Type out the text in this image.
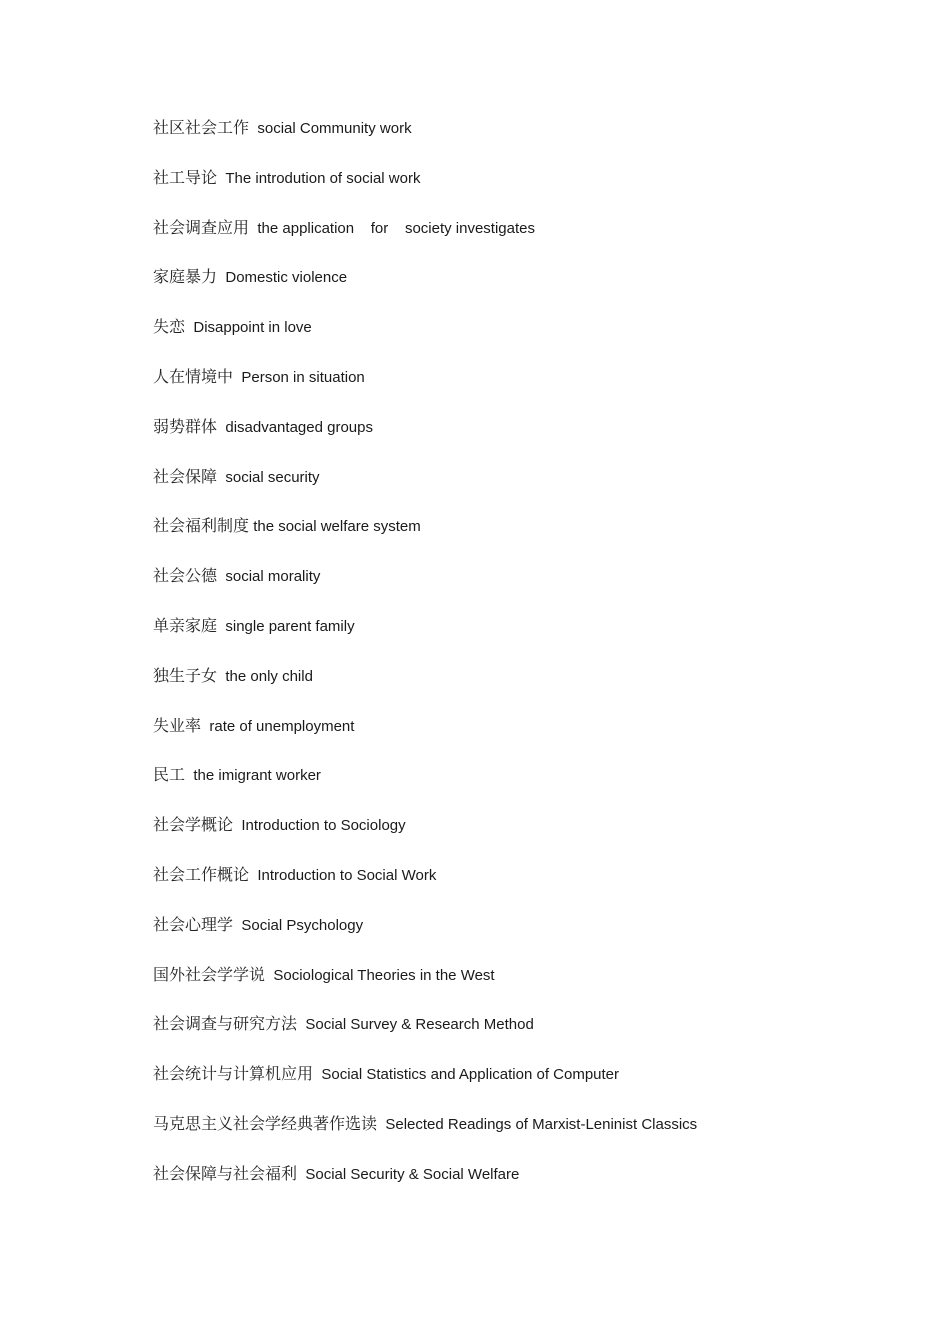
社区社会工作 social Community work
社工导论 The introdution of social work
社会调查应用 the application    for    society investigates
家庭暴力 Domestic violence
失恋 Disappoint in love
人在情境中 Person in situation
弱势群体 disadvantaged groups
社会保障 social security
社会福利制度 the social welfare system
社会公德 social morality
单亲家庭 single parent family
独生子女 the only child
失业率 rate of unemployment
民工 the imigrant worker
社会学概论 Introduction to Sociology
社会工作概论 Introduction to Social Work
社会心理学 Social Psychology
国外社会学学说 Sociological Theories in the West
社会调查与研究方法 Social Survey & Research Method
社会统计与计算机应用 Social Statistics and Application of Computer
马克思主义社会学经典著作选读 Selected Readings of Marxist-Leninist Classics
社会保障与社会福利 Social Security & Social Welfare
